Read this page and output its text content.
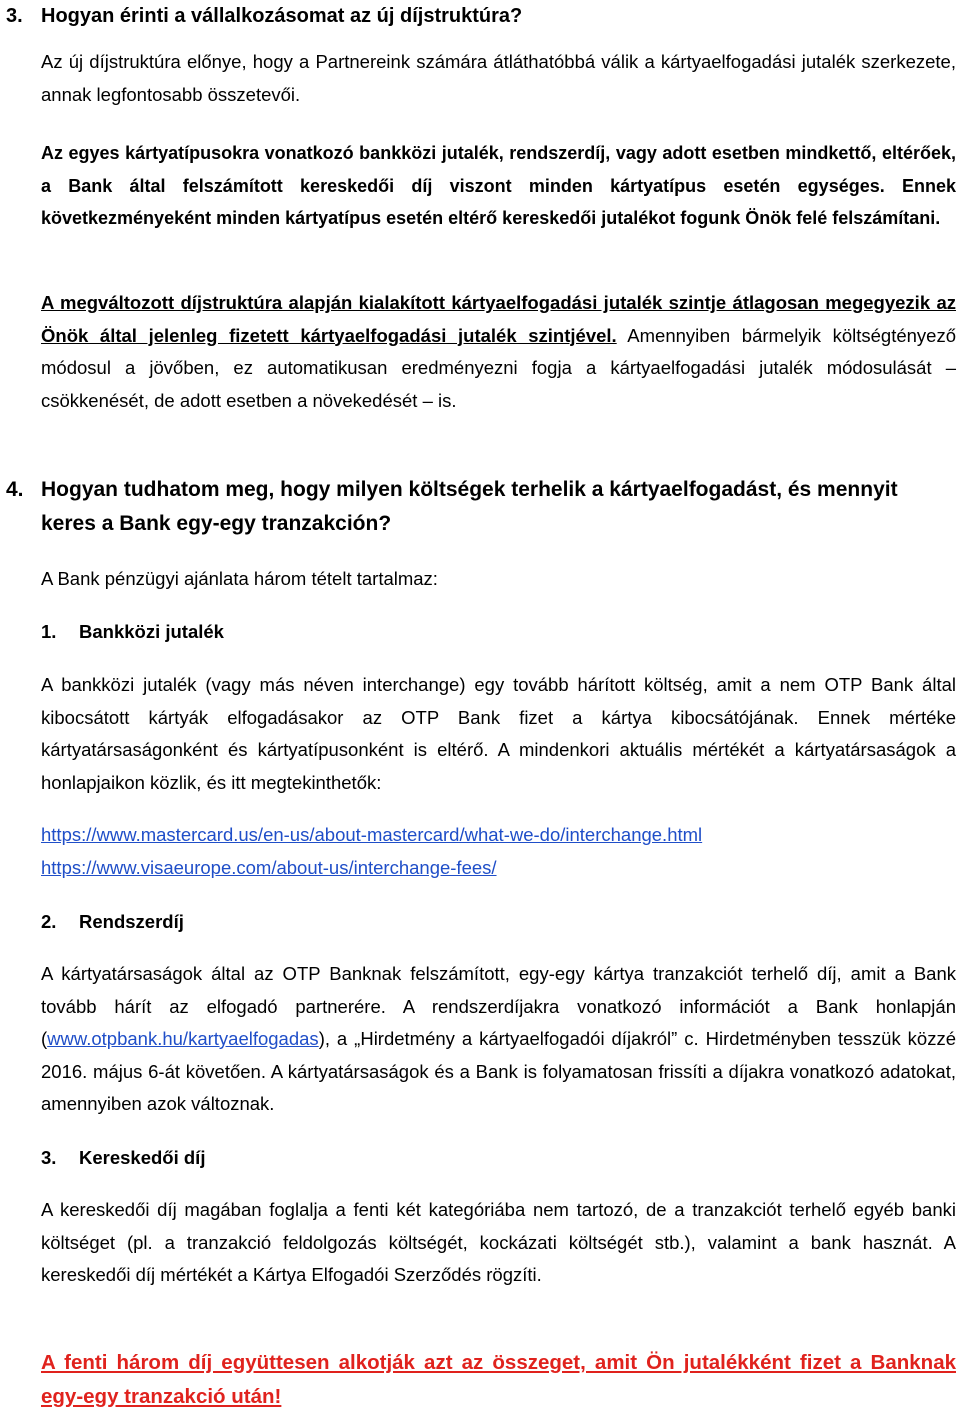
3. Hogyan érinti a vállalkozásomat az új díjstruktúra?

Az új díjstruktúra előnye, hogy a Partnereink számára átláthatóbbá válik a kártyaelfogadási jutalék szerkezete, annak legfontosabb összetevői.

Az egyes kártyatípusokra vonatkozó bankközi jutalék, rendszerdíj, vagy adott esetben mindkettő, eltérőek, a Bank által felszámított kereskedői díj viszont minden kártyatípus esetén egységes. Ennek következményeként minden kártyatípus esetén eltérő kereskedői jutalékot fogunk Önök felé felszámítani.

A megváltozott díjstruktúra alapján kialakított kártyaelfogadási jutalék szintje átlagosan megegyezik az Önök által jelenleg fizetett kártyaelfogadási jutalék szintjével. Amennyiben bármelyik költségtényező módosul a jövőben, ez automatikusan eredményezni fogja a kártyaelfogadási jutalék módosulását – csökkenését, de adott esetben a növekedését – is.

4. Hogyan tudhatom meg, hogy milyen költségek terhelik a kártyaelfogadást, és mennyit keres a Bank egy-egy tranzakción?

A Bank pénzügyi ajánlata három tételt tartalmaz:

1. Bankközi jutalék

A bankközi jutalék (vagy más néven interchange) egy tovább hárított költség, amit a nem OTP Bank által kibocsátott kártyák elfogadásakor az OTP Bank fizet a kártya kibocsátójának. Ennek mértéke kártyatársaságonként és kártyatípusonként is eltérő. A mindenkori aktuális mértékét a kártyatársaságok a honlapjaikon közlik, és itt megtekinthetők:

https://www.mastercard.us/en-us/about-mastercard/what-we-do/interchange.html
https://www.visaeurope.com/about-us/interchange-fees/

2. Rendszerdíj

A kártyatársaságok által az OTP Banknak felszámított, egy-egy kártya tranzakciót terhelő díj, amit a Bank tovább hárít az elfogadó partnerére. A rendszerdíjakra vonatkozó információt a Bank honlapján (www.otpbank.hu/kartyaelfogadas), a „Hirdetmény a kártyaelfogadói díjakról” c. Hirdetményben tesszük közzé 2016. május 6-át követően. A kártyatársaságok és a Bank is folyamatosan frissíti a díjakra vonatkozó adatokat, amennyiben azok változnak.

3. Kereskedői díj

A kereskedői díj magában foglalja a fenti két kategóriába nem tartozó, de a tranzakciót terhelő egyéb banki költséget (pl. a tranzakció feldolgozás költségét, kockázati költségét stb.), valamint a bank hasznát. A kereskedői díj mértékét a Kártya Elfogadói Szerződés rögzíti.

A fenti három díj együttesen alkotják azt az összeget, amit Ön jutalékként fizet a Banknak egy-egy tranzakció után!
